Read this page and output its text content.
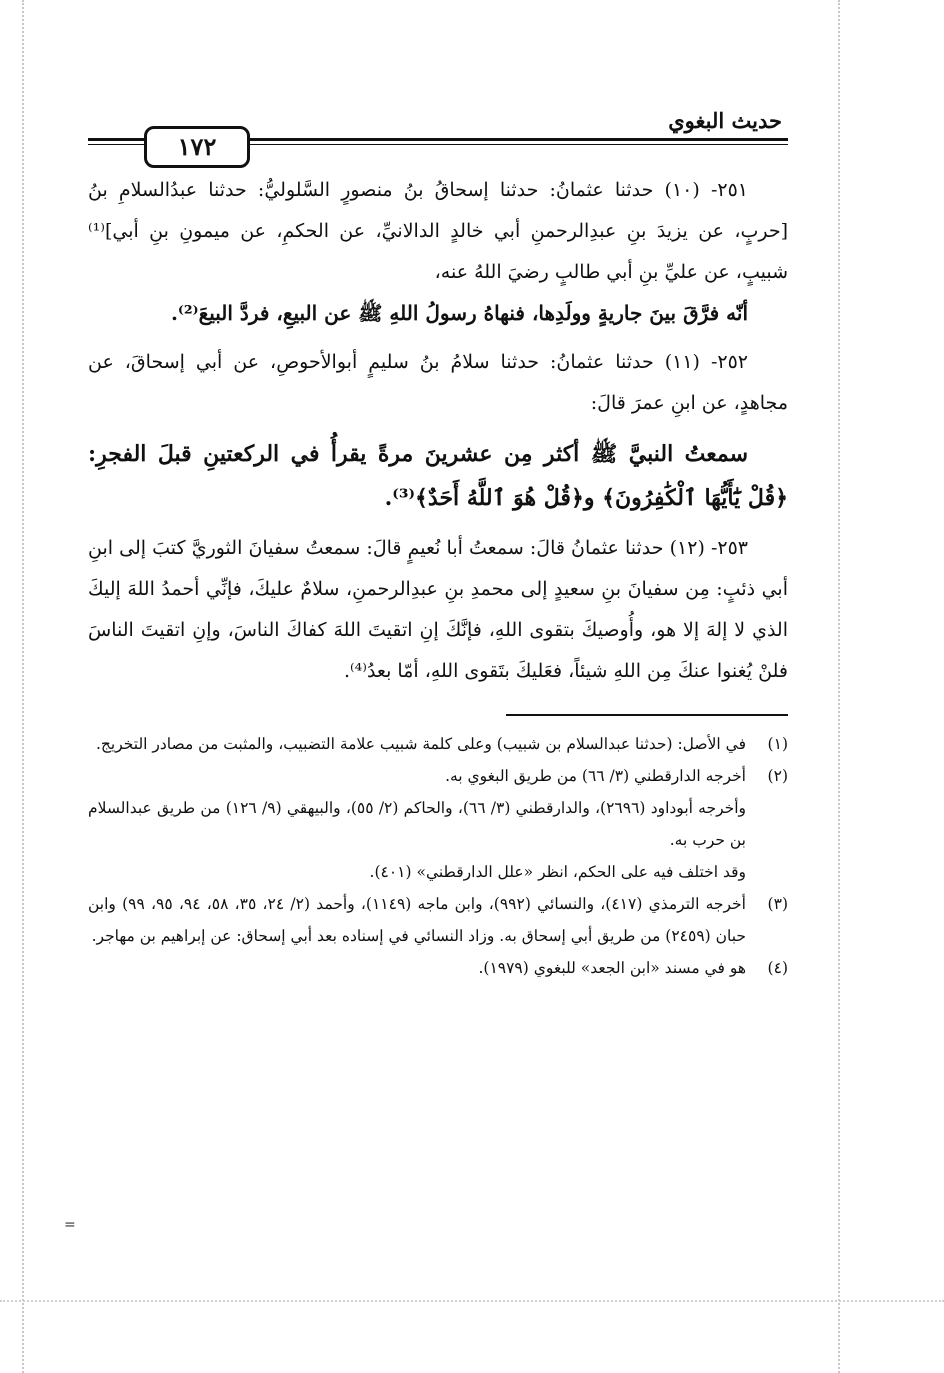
=
حديث البغوي
١٧٢

٢٥١- (١٠) حدثنا عثمانُ: حدثنا إسحاقُ بنُ منصورٍ السَّلوليُّ: حدثنا عبدُالسلامِ بنُ [حربٍ، عن يزيدَ بنِ عبدِالرحمنِ أبي خالدٍ الدالانيِّ، عن الحكمِ، عن ميمونِ بنِ أبي]⁽¹⁾ شبيبٍ، عن عليِّ بنِ أبي طالبٍ رضيَ اللهُ عنه،

أنّه فرَّقَ بينَ جاريةٍ وولَدِها، فنهاهُ رسولُ اللهِ ﷺ عن البيعِ، فردَّ البيعَ⁽²⁾.

٢٥٢- (١١) حدثنا عثمانُ: حدثنا سلامُ بنُ سليمٍ أبوالأحوصِ، عن أبي إسحاقَ، عن مجاهدٍ، عن ابنِ عمرَ قالَ:

سمعتُ النبيَّ ﷺ أكثر مِن عشرينَ مرةً يقرأُ في الركعتينِ قبلَ الفجرِ: ﴿قُلْ يَٰٓأَيُّهَا ٱلْكَٰفِرُونَ﴾ و﴿قُلْ هُوَ ٱللَّهُ أَحَدٌ﴾⁽³⁾.

٢٥٣- (١٢) حدثنا عثمانُ قالَ: سمعتُ أبا نُعيمٍ قالَ: سمعتُ سفيانَ الثوريَّ كتبَ إلى ابنِ أبي ذئبٍ: مِن سفيانَ بنِ سعيدٍ إلى محمدِ بنِ عبدِالرحمنِ، سلامٌ عليكَ، فإنِّي أحمدُ اللهَ إليكَ الذي لا إلهَ إلا هو، وأُوصيكَ بتقوى اللهِ، فإنَّكَ إنِ اتقيتَ اللهَ كفاكَ الناسَ، وإنِ اتقيتَ الناسَ فلنْ يُغنوا عنكَ مِن اللهِ شيئاً، فعَليكَ بتَقوى اللهِ، أمّا بعدُ⁽⁴⁾.

(١)
في الأصل: (حدثنا عبدالسلام بن شبيب) وعلى كلمة شبيب علامة التضبيب، والمثبت من مصادر التخريج.
(٢)
أخرجه الدارقطني (٣/ ٦٦) من طريق البغوي به.
وأخرجه أبوداود (٢٦٩٦)، والدارقطني (٣/ ٦٦)، والحاكم (٢/ ٥٥)، والبيهقي (٩/ ١٢٦) من طريق عبدالسلام بن حرب به.
وقد اختلف فيه على الحكم، انظر «علل الدارقطني» (٤٠١).
(٣)
أخرجه الترمذي (٤١٧)، والنسائي (٩٩٢)، وابن ماجه (١١٤٩)، وأحمد (٢/ ٢٤، ٣٥، ٥٨، ٩٤، ٩٥، ٩٩) وابن حبان (٢٤٥٩) من طريق أبي إسحاق به. وزاد النسائي في إسناده بعد أبي إسحاق: عن إبراهيم بن مهاجر.
(٤)
هو في مسند «ابن الجعد» للبغوي (١٩٧٩).
